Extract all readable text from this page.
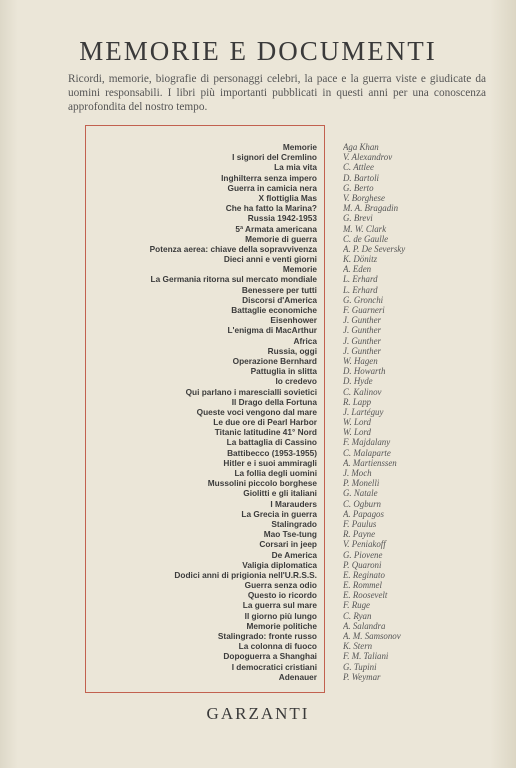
MEMORIE E DOCUMENTI

Ricordi, memorie, biografie di personaggi celebri, la pace e la guerra viste e giudicate da uomini responsabili. I libri più importanti pubblicati in questi anni per una conoscenza approfondita del nostro tempo.

Memorie
I signori del Cremlino
La mia vita
Inghilterra senza impero
Guerra in camicia nera
X flottiglia Mas
Che ha fatto la Marina?
Russia 1942-1953
5ª Armata americana
Memorie di guerra
Potenza aerea: chiave della sopravvivenza
Dieci anni e venti giorni
Memorie
La Germania ritorna sul mercato mondiale
Benessere per tutti
Discorsi d'America
Battaglie economiche
Eisenhower
L'enigma di MacArthur
Africa
Russia, oggi
Operazione Bernhard
Pattuglia in slitta
Io credevo
Qui parlano i marescialli sovietici
Il Drago della Fortuna
Queste voci vengono dal mare
Le due ore di Pearl Harbor
Titanic latitudine 41° Nord
La battaglia di Cassino
Battibecco (1953-1955)
Hitler e i suoi ammiragli
La follia degli uomini
Mussolini piccolo borghese
Giolitti e gli italiani
I Marauders
La Grecia in guerra
Stalingrado
Mao Tse-tung
Corsari in jeep
De America
Valigia diplomatica
Dodici anni di prigionia nell'U.R.S.S.
Guerra senza odio
Questo io ricordo
La guerra sul mare
Il giorno più lungo
Memorie politiche
Stalingrado: fronte russo
La colonna di fuoco
Dopoguerra a Shanghai
I democratici cristiani
Adenauer
Aga Khan
V. Alexandrov
C. Attlee
D. Bartoli
G. Berto
V. Borghese
M. A. Bragadin
G. Brevi
M. W. Clark
C. de Gaulle
A. P. De Seversky
K. Dönitz
A. Eden
L. Erhard
L. Erhard
G. Gronchi
F. Guarneri
J. Gunther
J. Gunther
J. Gunther
J. Gunther
W. Hagen
D. Howarth
D. Hyde
C. Kalinov
R. Lapp
J. Lartéguy
W. Lord
W. Lord
F. Majdalany
C. Malaparte
A. Martienssen
J. Moch
P. Monelli
G. Natale
C. Ogburn
A. Papagos
F. Paulus
R. Payne
V. Peniakoff
G. Piovene
P. Quaroni
E. Reginato
E. Rommel
E. Roosevelt
F. Ruge
C. Ryan
A. Salandra
A. M. Samsonov
K. Stern
F. M. Taliani
G. Tupini
P. Weymar

GARZANTI
